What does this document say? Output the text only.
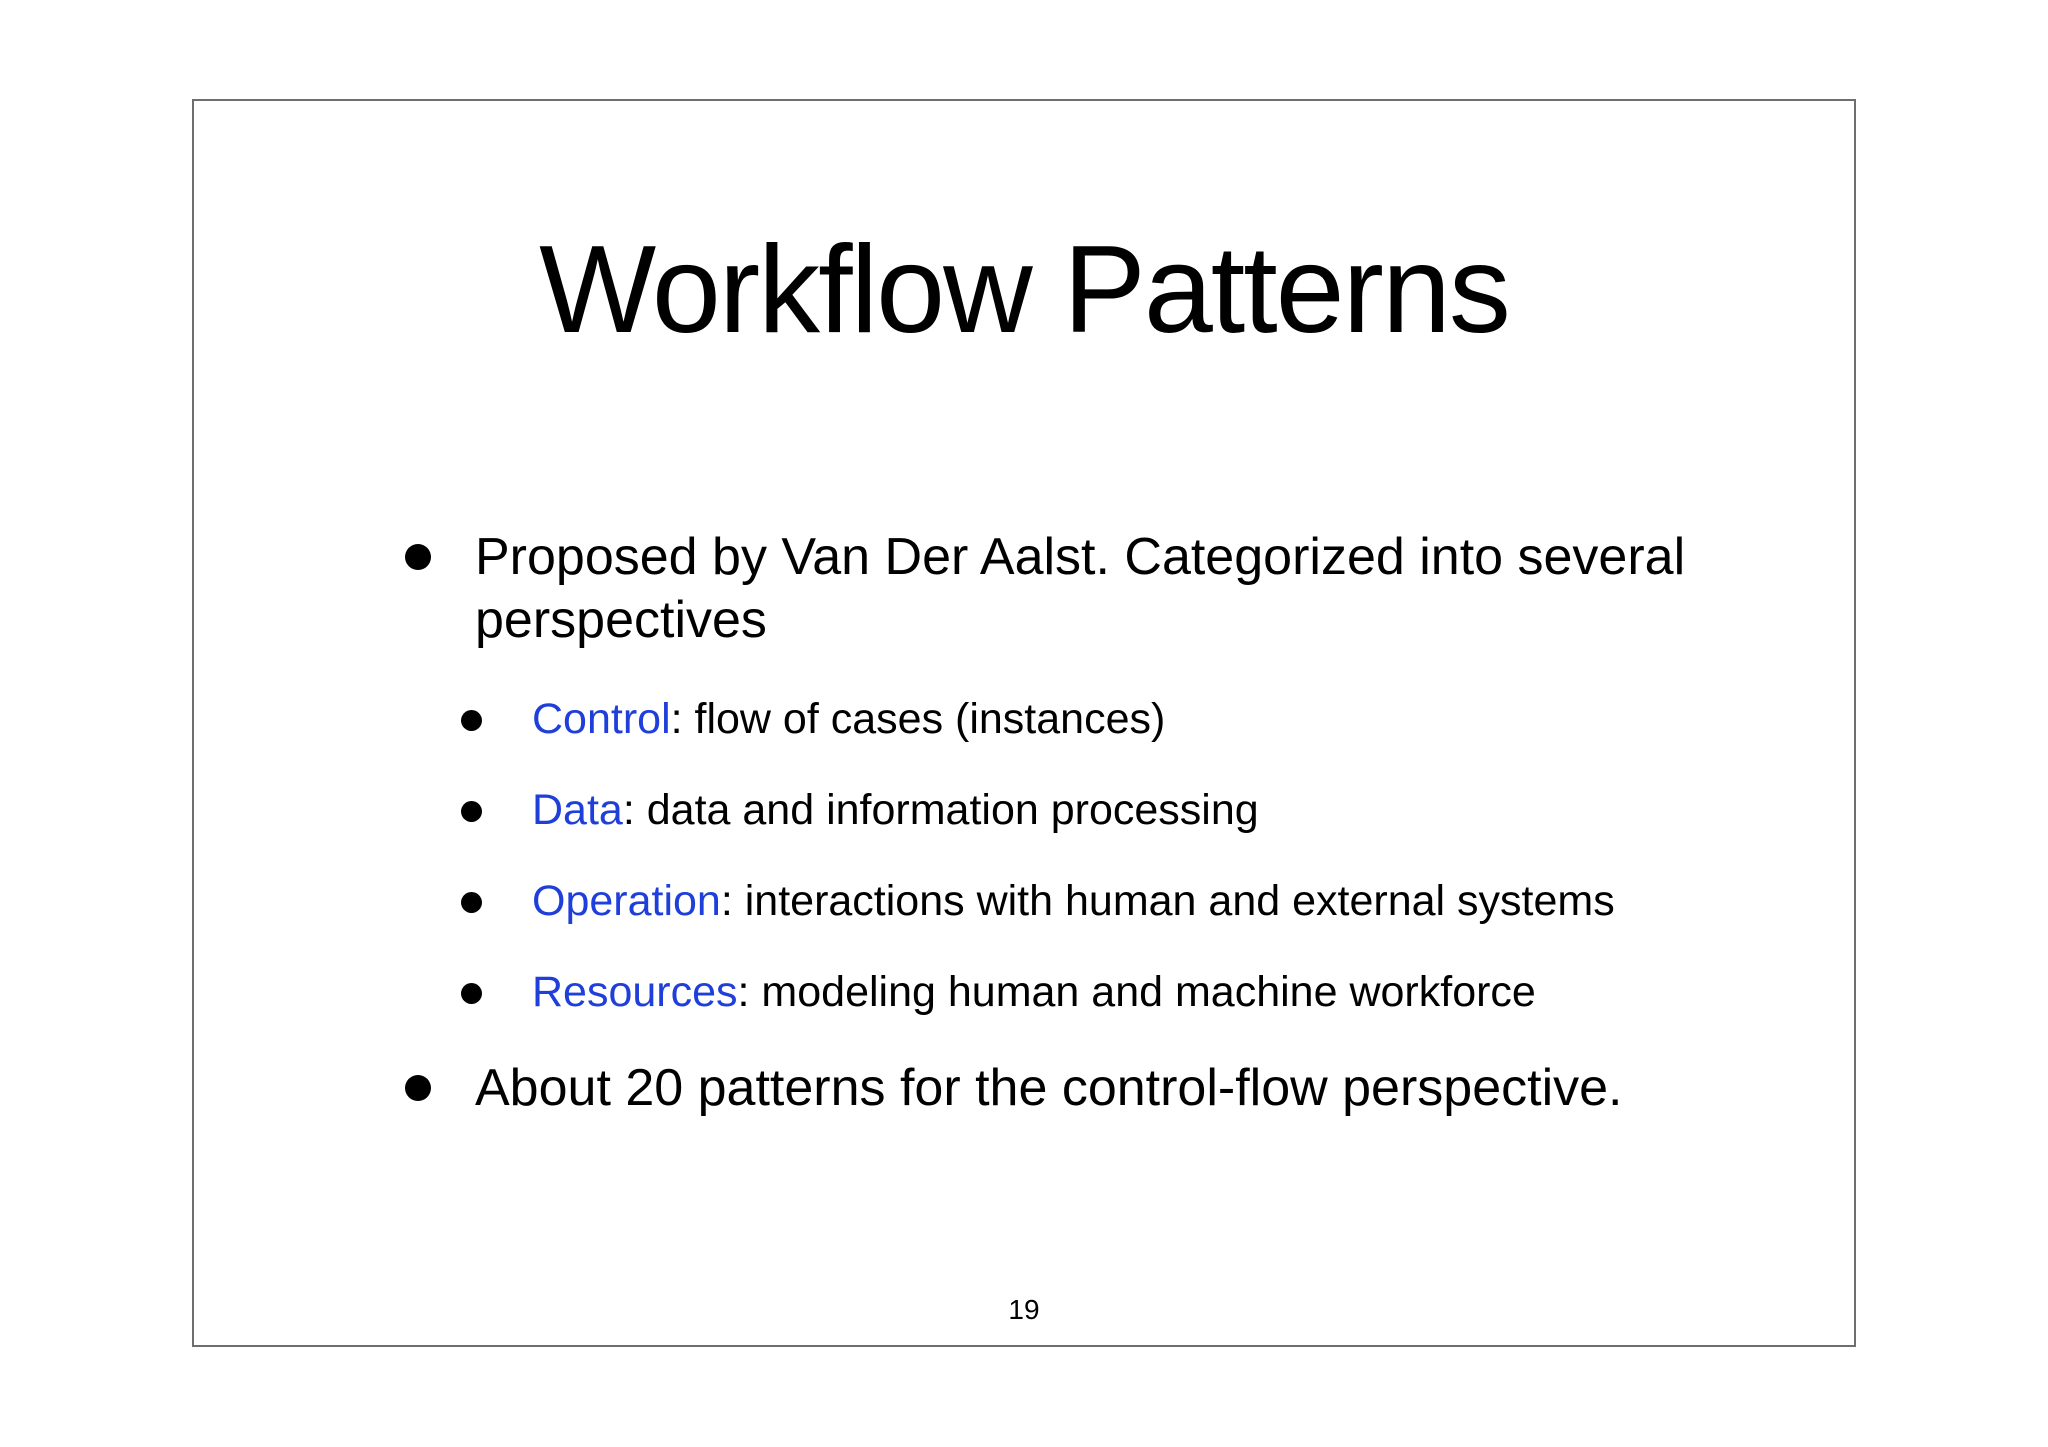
Workflow Patterns
Proposed by Van Der Aalst. Categorized into several
perspectives
Control: flow of cases (instances)
Data: data and information processing
Operation: interactions with human and external systems
Resources: modeling human and machine workforce
About 20 patterns for the control-flow perspective.
19
